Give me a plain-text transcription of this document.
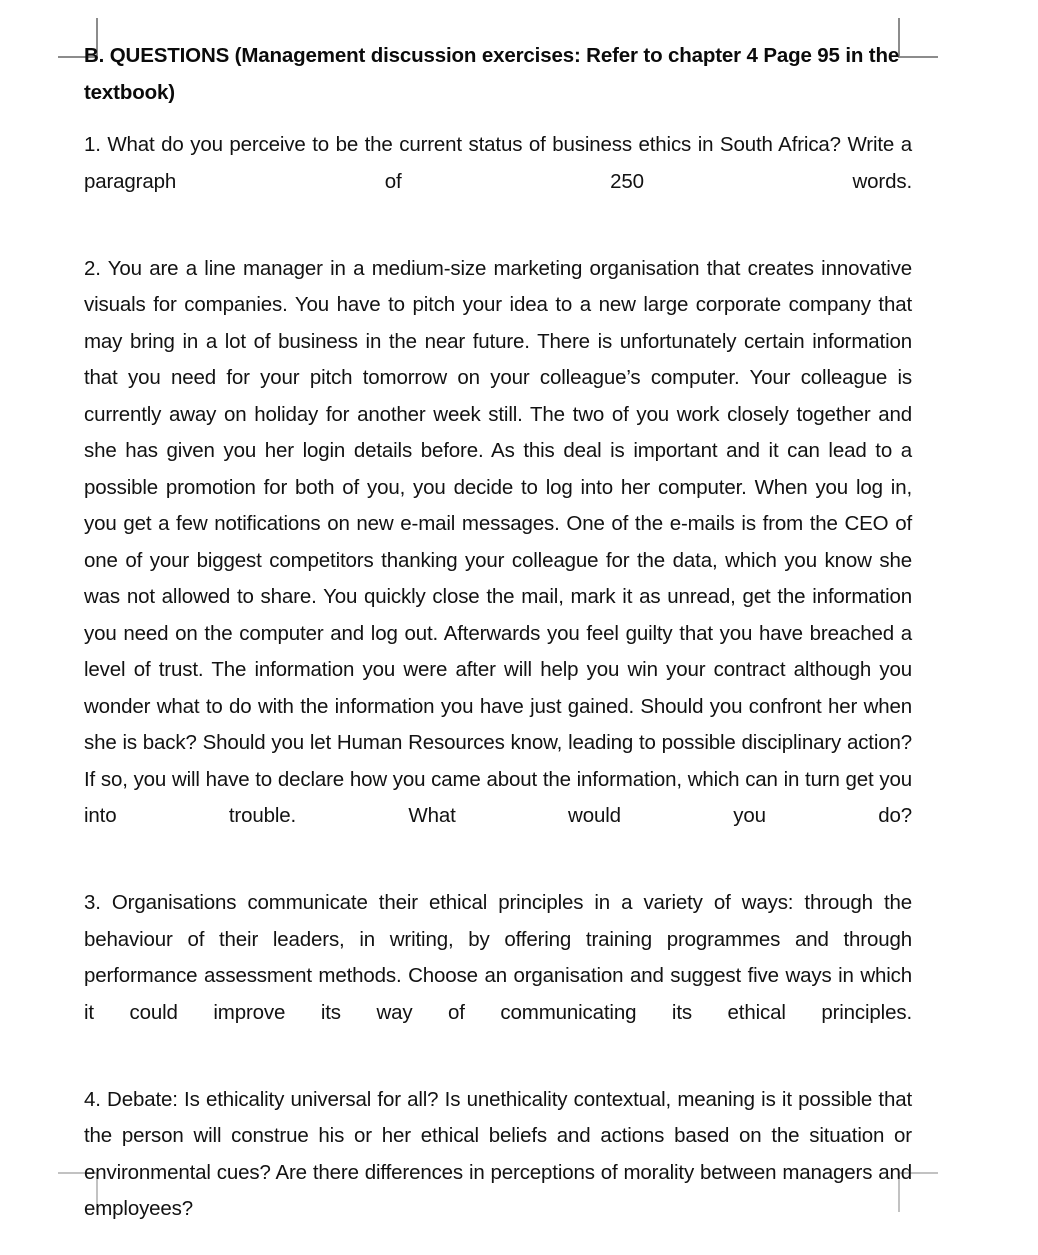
B. QUESTIONS (Management discussion exercises: Refer to chapter 4 Page 95 in the textbook)

1. What do you perceive to be the current status of business ethics in South Africa? Write a paragraph of 250 words.

2. You are a line manager in a medium-size marketing organisation that creates innovative visuals for companies. You have to pitch your idea to a new large corporate company that may bring in a lot of business in the near future. There is unfortunately certain information that you need for your pitch tomorrow on your colleague’s computer. Your colleague is currently away on holiday for another week still. The two of you work closely together and she has given you her login details before. As this deal is important and it can lead to a possible promotion for both of you, you decide to log into her computer. When you log in, you get a few notifications on new e-mail messages. One of the e-mails is from the CEO of one of your biggest competitors thanking your colleague for the data, which you know she was not allowed to share. You quickly close the mail, mark it as unread, get the information you need on the computer and log out. Afterwards you feel guilty that you have breached a level of trust. The information you were after will help you win your contract although you wonder what to do with the information you have just gained. Should you confront her when she is back? Should you let Human Resources know, leading to possible disciplinary action? If so, you will have to declare how you came about the information, which can in turn get you into trouble. What would you do?

3. Organisations communicate their ethical principles in a variety of ways: through the behaviour of their leaders, in writing, by offering training programmes and through performance assessment methods. Choose an organisation and suggest five ways in which it could improve its way of communicating its ethical principles.

4. Debate: Is ethicality universal for all? Is unethicality contextual, meaning is it possible that the person will construe his or her ethical beliefs and actions based on the situation or environmental cues? Are there differences in perceptions of morality between managers and employees?
